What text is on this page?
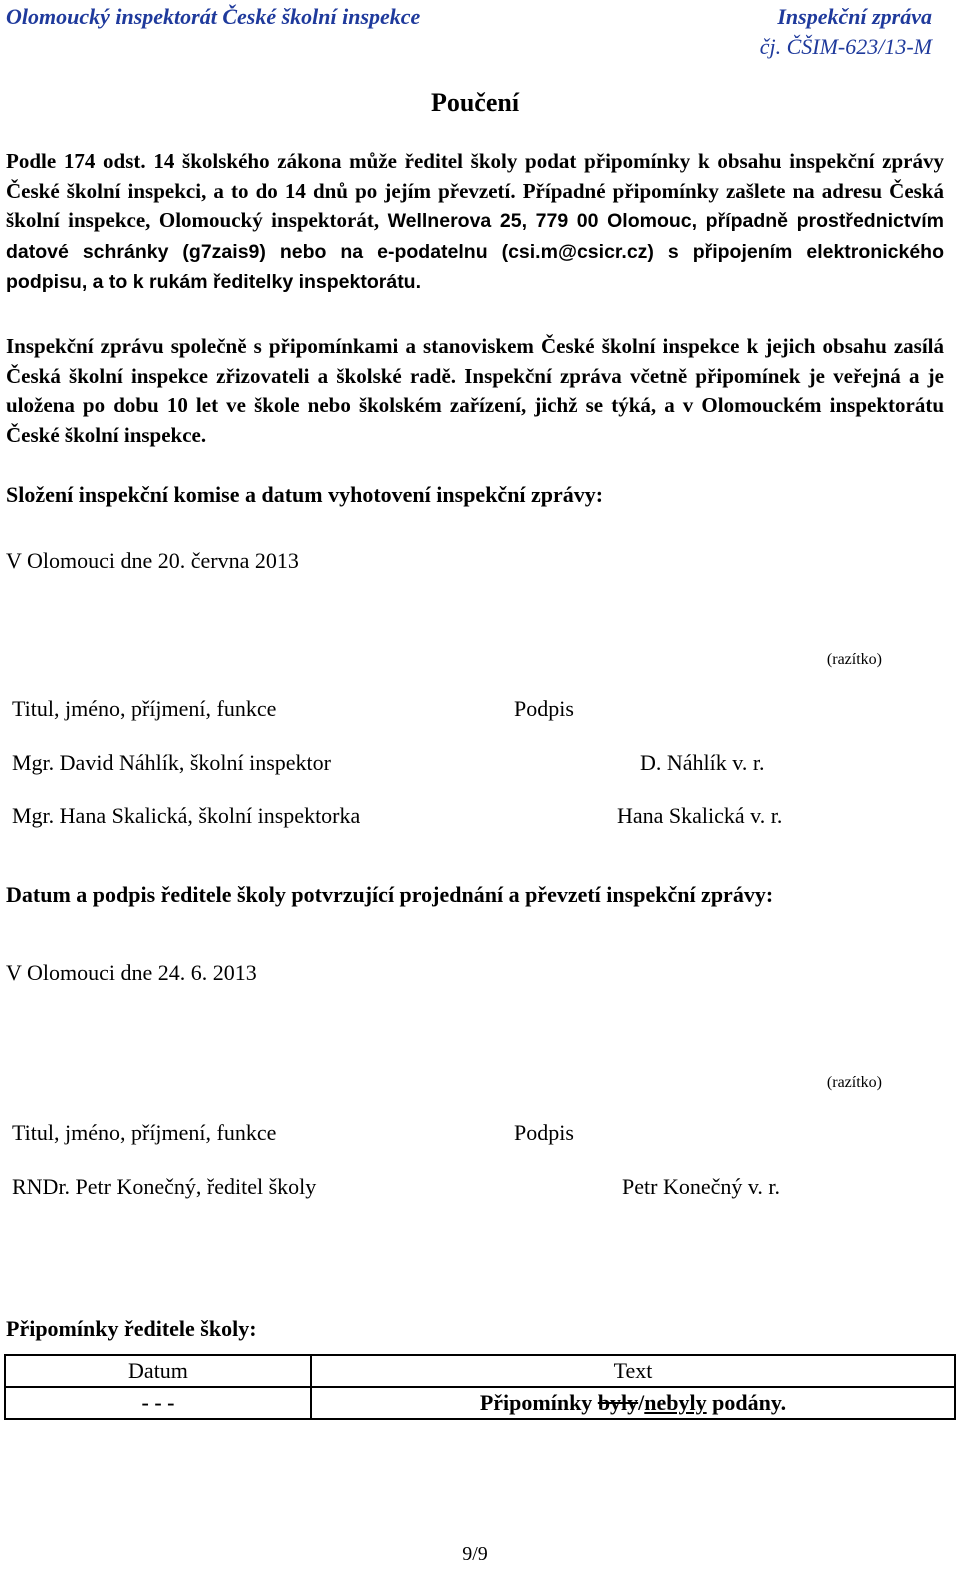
Olomoucký inspektorát České školní inspekce	Inspekční zpráva
čj. ČŠIM-623/13-M
Poučení
Podle 174 odst. 14 školského zákona může ředitel školy podat připomínky k obsahu inspekční zprávy České školní inspekci, a to do 14 dnů po jejím převzetí. Případné připomínky zašlete na adresu Česká školní inspekce, Olomoucký inspektorát, Wellnerova 25, 779 00 Olomouc, případně prostřednictvím datové schránky (g7zais9) nebo na e-podatelnu (csi.m@csicr.cz) s připojením elektronického podpisu, a to k rukám ředitelky inspektorátu.
Inspekční zprávu společně s připomínkami a stanoviskem České školní inspekce k jejich obsahu zasílá Česká školní inspekce zřizovateli a školské radě. Inspekční zpráva včetně připomínek je veřejná a je uložena po dobu 10 let ve škole nebo školském zařízení, jichž se týká, a v Olomouckém inspektorátu České školní inspekce.
Složení inspekční komise a datum vyhotovení inspekční zprávy:
V Olomouci dne 20. června 2013
(razítko)
Titul, jméno, příjmení, funkce	Podpis
Mgr. David Náhlík, školní inspektor	D. Náhlík v. r.
Mgr. Hana Skalická, školní inspektorka	Hana Skalická v. r.
Datum a podpis ředitele školy potvrzující projednání a převzetí inspekční zprávy:
V Olomouci dne 24. 6. 2013
(razítko)
Titul, jméno, příjmení, funkce	Podpis
RNDr. Petr Konečný, ředitel školy	Petr Konečný v. r.
Připomínky ředitele školy:
Datum	Text
- - -	Připomínky byly/nebyly podány.
9/9
